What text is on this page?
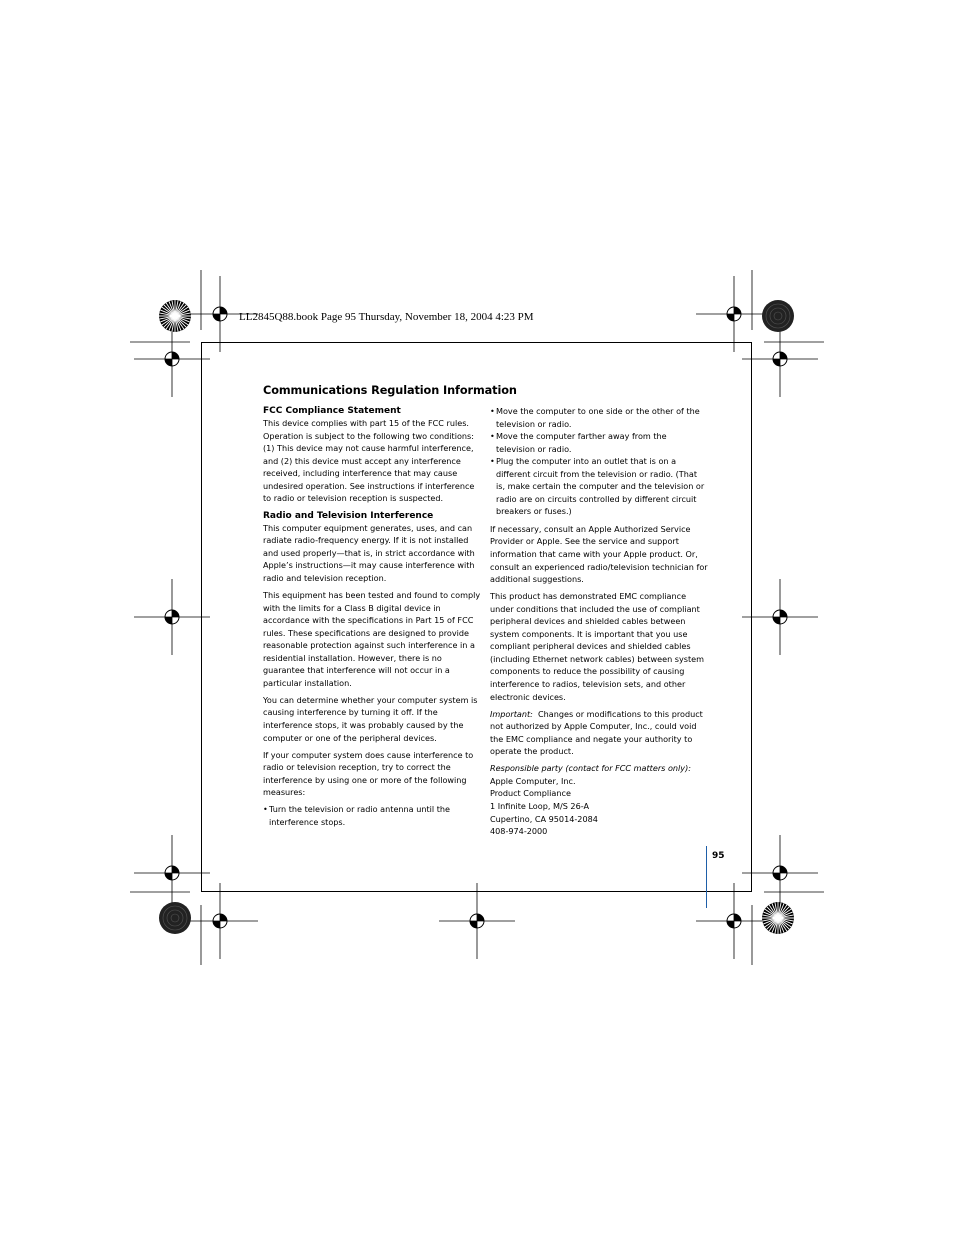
LL2845Q88.book Page 95 Thursday, November 18, 2004 4:23 PM
Communications Regulation Information
FCC Compliance Statement

This device complies with part 15 of the FCC rules. Operation is subject to the following two conditions: (1) This device may not cause harmful interference, and (2) this device must accept any interference received, including interference that may cause undesired operation. See instructions if interference to radio or television reception is suspected.

Radio and Television Interference

This computer equipment generates, uses, and can radiate radio-frequency energy. If it is not installed and used properly—that is, in strict accordance with Apple’s instructions—it may cause interference with radio and television reception.

This equipment has been tested and found to comply with the limits for a Class B digital device in accordance with the specifications in Part 15 of FCC rules. These specifications are designed to provide reasonable protection against such interference in a residential installation. However, there is no guarantee that interference will not occur in a particular installation.

You can determine whether your computer system is causing interference by turning it off. If the interference stops, it was probably caused by the computer or one of the peripheral devices.

If your computer system does cause interference to radio or television reception, try to correct the interference by using one or more of the following measures:

• Turn the television or radio antenna until the interference stops.
• Move the computer to one side or the other of the television or radio.
• Move the computer farther away from the television or radio.
• Plug the computer into an outlet that is on a different circuit from the television or radio. (That is, make certain the computer and the television or radio are on circuits controlled by different circuit breakers or fuses.)

If necessary, consult an Apple Authorized Service Provider or Apple. See the service and support information that came with your Apple product. Or, consult an experienced radio/television technician for additional suggestions.

This product has demonstrated EMC compliance under conditions that included the use of compliant peripheral devices and shielded cables between system components. It is important that you use compliant peripheral devices and shielded cables (including Ethernet network cables) between system components to reduce the possibility of causing interference to radios, television sets, and other electronic devices.

Important: Changes or modifications to this product not authorized by Apple Computer, Inc., could void the EMC compliance and negate your authority to operate the product.

Responsible party (contact for FCC matters only):

Apple Computer, Inc.
Product Compliance
1 Infinite Loop, M/S 26-A
Cupertino, CA 95014-2084
408-974-2000
95
